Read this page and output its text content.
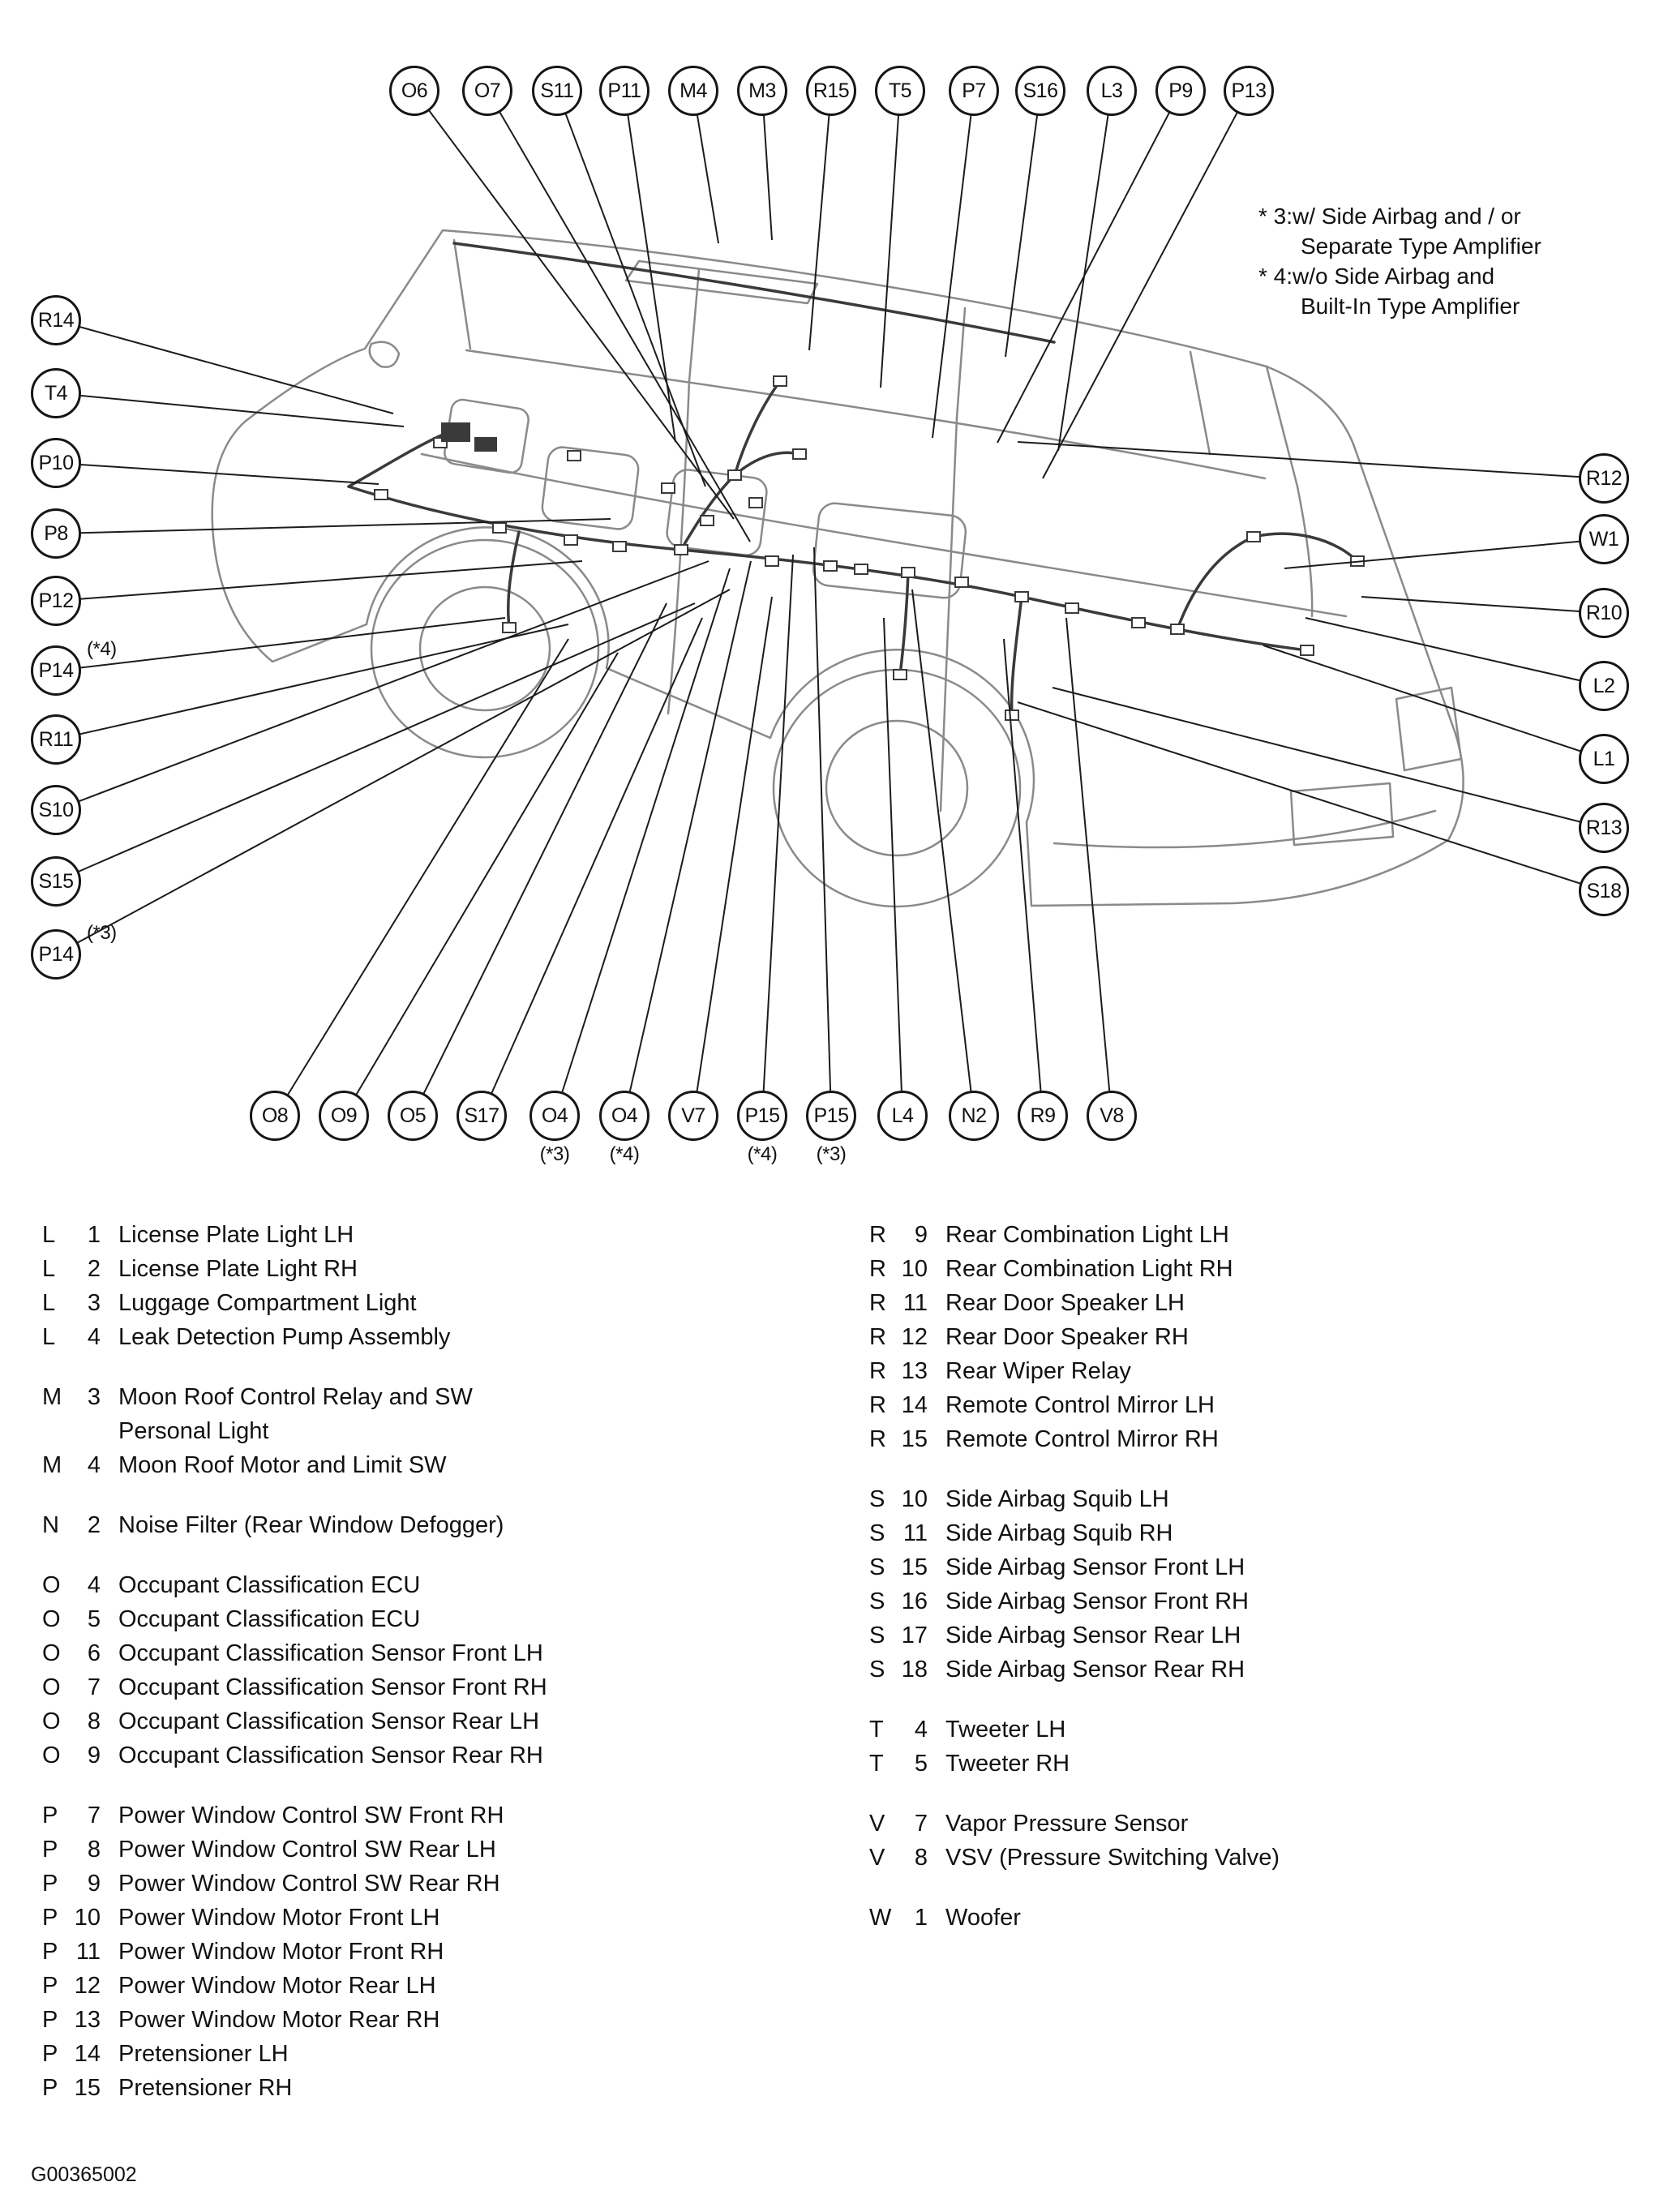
O6 O7 S11 P11 M4 M3 R15 T5 P7 S16 L3 P9 P13
R14
T4
P10
P8
P12
P14
(*4)
R11
S10
S15
P14
(*3)
R12
W1
R10
L2
L1
R13
S18
O8 O9 O5 S17 O4
(*3)
O4
(*4)
V7 P15
(*4)
P15
(*3)
L4 N2 R9 V8
* 3:w/ Side Airbag and / or
Separate Type Amplifier
* 4:w/o Side Airbag and
Built-In Type Amplifier
L	1 License Plate Light LH
L	2 License Plate Light RH
L	3 Luggage Compartment Light
L	4 Leak Detection Pump Assembly
M	3 Moon Roof Control Relay and SW
Personal Light
M	4 Moon Roof Motor and Limit SW
N	2 Noise Filter (Rear Window Defogger)
O	4 Occupant Classification ECU
O	5 Occupant Classification ECU
O	6 Occupant Classification Sensor Front LH
O	7 Occupant Classification Sensor Front RH
O	8 Occupant Classification Sensor Rear LH
O	9 Occupant Classification Sensor Rear RH
P	7 Power Window Control SW Front RH
P	8 Power Window Control SW Rear LH
P	9 Power Window Control SW Rear RH
P 10 Power Window Motor Front LH
P 11 Power Window Motor Front RH
P 12 Power Window Motor Rear LH
P 13 Power Window Motor Rear RH
P 14 Pretensioner LH
P 15 Pretensioner RH
R	9 Rear Combination Light LH
R 10 Rear Combination Light RH
R 11 Rear Door Speaker LH
R 12 Rear Door Speaker RH
R 13 Rear Wiper Relay
R 14 Remote Control Mirror LH
R 15 Remote Control Mirror RH
S 10 Side Airbag Squib LH
S 11 Side Airbag Squib RH
S 15 Side Airbag Sensor Front LH
S 16 Side Airbag Sensor Front RH
S 17 Side Airbag Sensor Rear LH
S 18 Side Airbag Sensor Rear RH
T	4 Tweeter LH
T	5 Tweeter RH
V	7 Vapor Pressure Sensor
V	8 VSV (Pressure Switching Valve)
W 1 Woofer
G00365002
